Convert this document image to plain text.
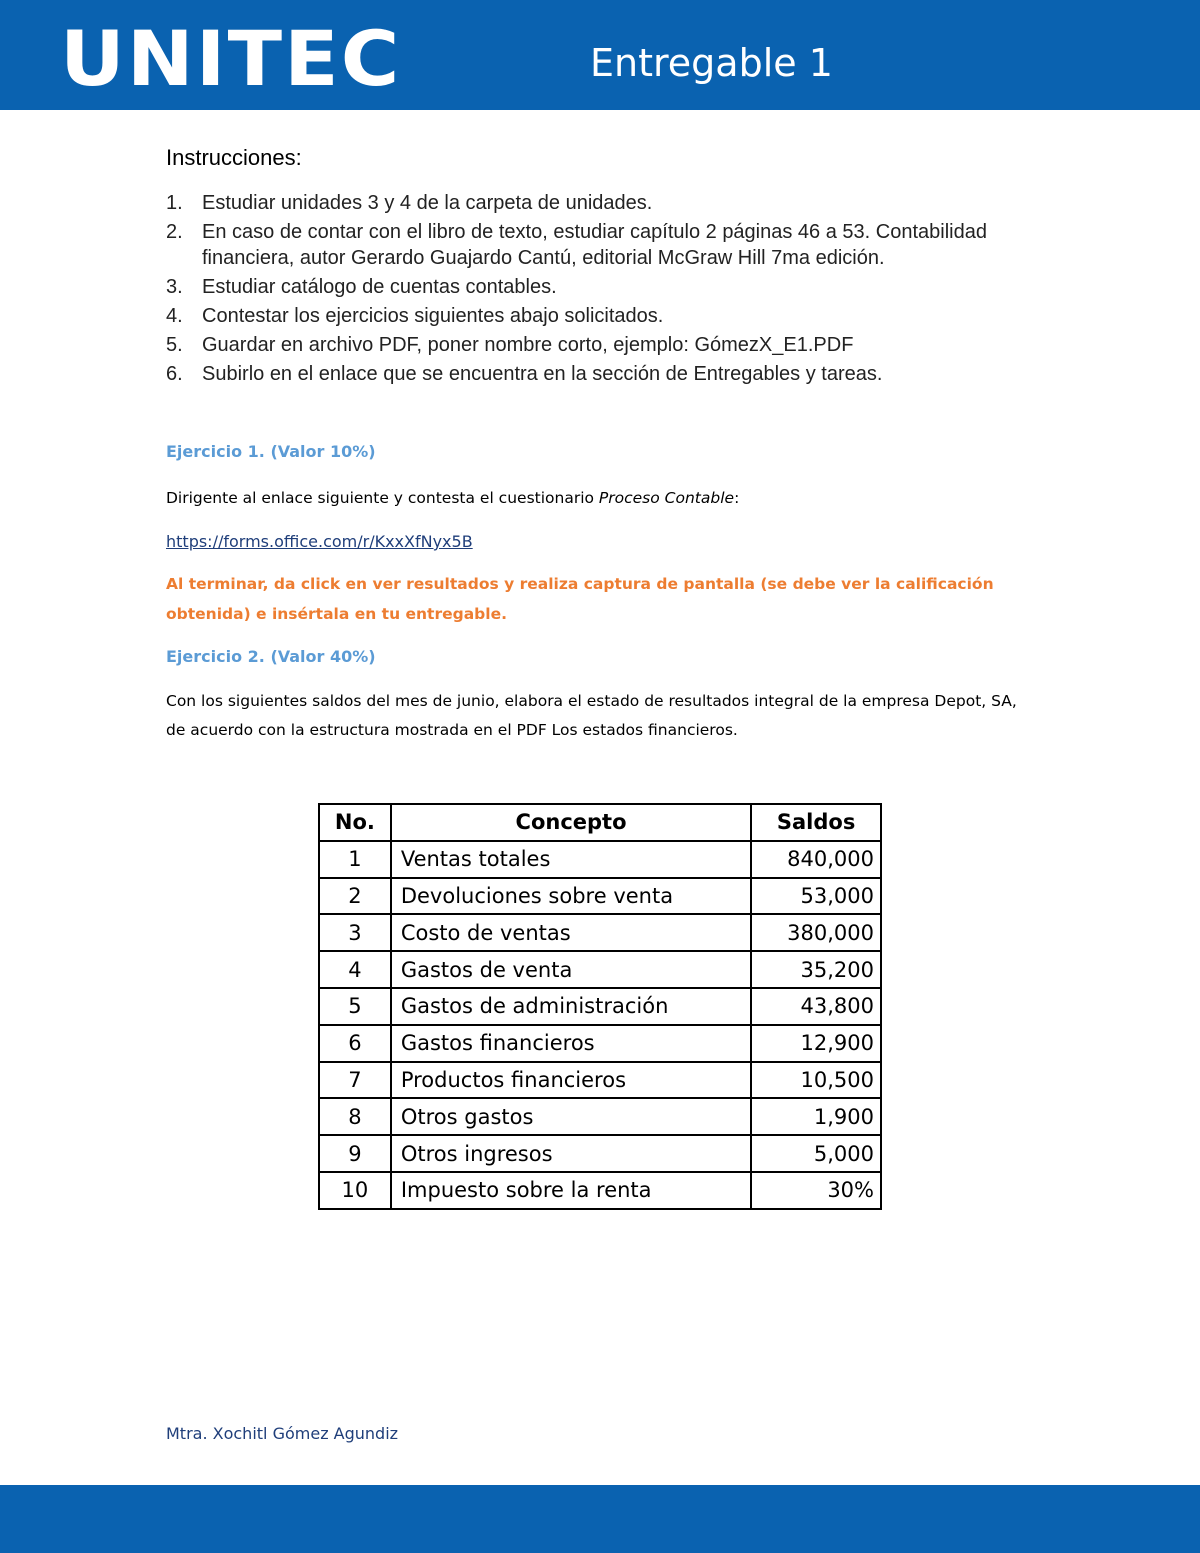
UNITEC	Entregable 1
Instrucciones:
1. Estudiar unidades 3 y 4 de la carpeta de unidades.
2. En caso de contar con el libro de texto, estudiar capítulo 2 páginas 46 a 53. Contabilidad financiera, autor Gerardo Guajardo Cantú, editorial McGraw Hill 7ma edición.
3. Estudiar catálogo de cuentas contables.
4. Contestar los ejercicios siguientes abajo solicitados.
5. Guardar en archivo PDF, poner nombre corto, ejemplo: GómezX_E1.PDF
6. Subirlo en el enlace que se encuentra en la sección de Entregables y tareas.
Ejercicio 1. (Valor 10%)
Dirigente al enlace siguiente y contesta el cuestionario Proceso Contable:
https://forms.office.com/r/KxxXfNyx5B
Al terminar, da click en ver resultados y realiza captura de pantalla (se debe ver la calificación obtenida) e insértala en tu entregable.
Ejercicio 2. (Valor 40%)
Con los siguientes saldos del mes de junio, elabora el estado de resultados integral de la empresa Depot, SA, de acuerdo con la estructura mostrada en el PDF Los estados financieros.
No.	Concepto	Saldos
1	Ventas totales	840,000
2	Devoluciones sobre venta	53,000
3	Costo de ventas	380,000
4	Gastos de venta	35,200
5	Gastos de administración	43,800
6	Gastos financieros	12,900
7	Productos financieros	10,500
8	Otros gastos	1,900
9	Otros ingresos	5,000
10	Impuesto sobre la renta	30%
Mtra. Xochitl Gómez Agundiz
